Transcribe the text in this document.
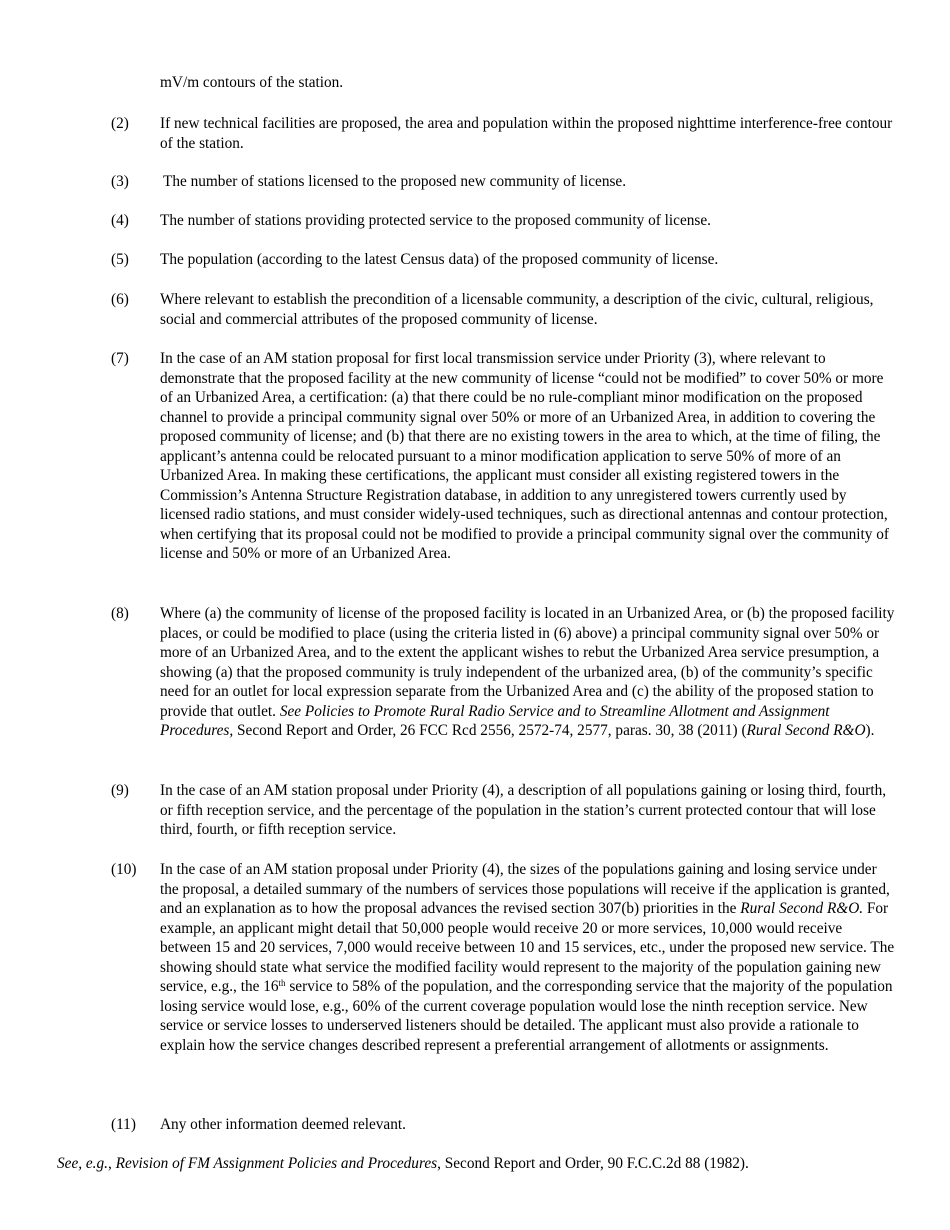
mV/m contours of the station.

(2)	If new technical facilities are proposed, the area and population within the proposed nighttime interference-free contour of the station.
(3)	The number of stations licensed to the proposed new community of license.
(4)	The number of stations providing protected service to the proposed community of license.
(5)	The population (according to the latest Census data) of the proposed community of license.
(6)	Where relevant to establish the precondition of a licensable community, a description of the civic, cultural, religious, social and commercial attributes of the proposed community of license.
(7)	In the case of an AM station proposal for first local transmission service under Priority (3), where relevant to demonstrate that the proposed facility at the new community of license “could not be modified” to cover 50% or more of an Urbanized Area, a certification: (a) that there could be no rule-compliant minor modification on the proposed channel to provide a principal community signal over 50% or more of an Urbanized Area, in addition to covering the proposed community of license; and (b) that there are no existing towers in the area to which, at the time of filing, the applicant’s antenna could be relocated pursuant to a minor modification application to serve 50% of more of an Urbanized Area. In making these certifications, the applicant must consider all existing registered towers in the Commission’s Antenna Structure Registration database, in addition to any unregistered towers currently used by licensed radio stations, and must consider widely-used techniques, such as directional antennas and contour protection, when certifying that its proposal could not be modified to provide a principal community signal over the community of license and 50% or more of an Urbanized Area.
(8)	Where (a) the community of license of the proposed facility is located in an Urbanized Area, or (b) the proposed facility places, or could be modified to place (using the criteria listed in (6) above) a principal community signal over 50% or more of an Urbanized Area, and to the extent the applicant wishes to rebut the Urbanized Area service presumption, a showing (a) that the proposed community is truly independent of the urbanized area, (b) of the community’s specific need for an outlet for local expression separate from the Urbanized Area and (c) the ability of the proposed station to provide that outlet. See Policies to Promote Rural Radio Service and to Streamline Allotment and Assignment Procedures, Second Report and Order, 26 FCC Rcd 2556, 2572-74, 2577, paras. 30, 38 (2011) (Rural Second R&O).
(9)	In the case of an AM station proposal under Priority (4), a description of all populations gaining or losing third, fourth, or fifth reception service, and the percentage of the population in the station’s current protected contour that will lose third, fourth, or fifth reception service.
(10)	In the case of an AM station proposal under Priority (4), the sizes of the populations gaining and losing service under the proposal, a detailed summary of the numbers of services those populations will receive if the application is granted, and an explanation as to how the proposal advances the revised section 307(b) priorities in the Rural Second R&O. For example, an applicant might detail that 50,000 people would receive 20 or more services, 10,000 would receive between 15 and 20 services, 7,000 would receive between 10 and 15 services, etc., under the proposed new service. The showing should state what service the modified facility would represent to the majority of the population gaining new service, e.g., the 16th service to 58% of the population, and the corresponding service that the majority of the population losing service would lose, e.g., 60% of the current coverage population would lose the ninth reception service. New service or service losses to underserved listeners should be detailed. The applicant must also provide a rationale to explain how the service changes described represent a preferential arrangement of allotments or assignments.
(11)	Any other information deemed relevant.

See, e.g., Revision of FM Assignment Policies and Procedures, Second Report and Order, 90 F.C.C.2d 88 (1982).
